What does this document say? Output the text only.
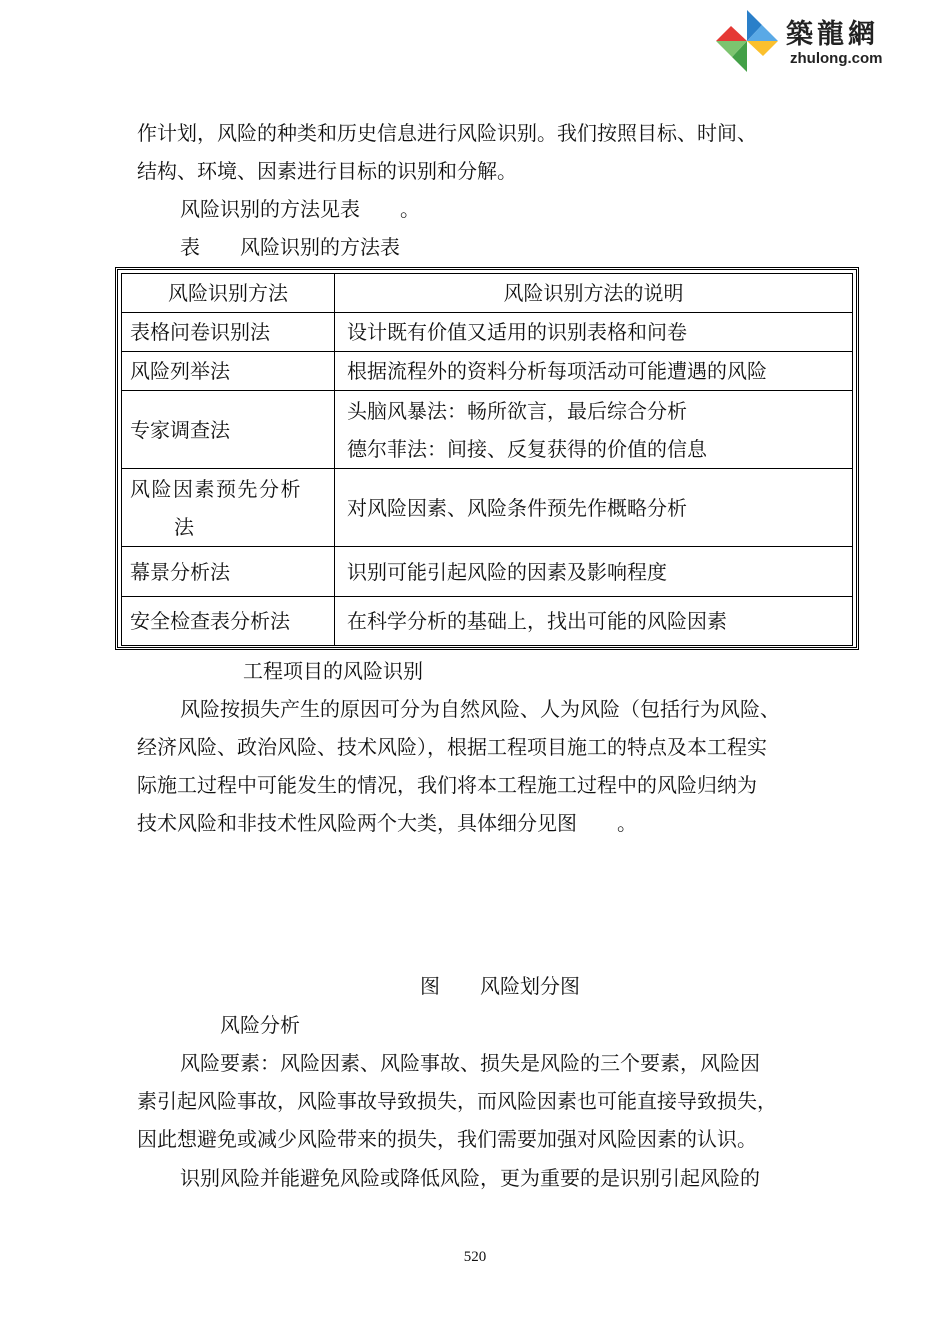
築龍網
zhulong.com
作计划，风险的种类和历史信息进行风险识别。我们按照目标、时间、
结构、环境、因素进行目标的识别和分解。
风险识别的方法见表　　。
表　　风险识别的方法表
风险识别方法	风险识别方法的说明
表格问卷识别法	设计既有价值又适用的识别表格和问卷
风险列举法	根据流程外的资料分析每项活动可能遭遇的风险
专家调查法	头脑风暴法：畅所欲言，最后综合分析
德尔菲法：间接、反复获得的价值的信息

风险因素预先分析
法	对风险因素、风险条件预先作概略分析
幕景分析法	识别可能引起风险的因素及影响程度
安全检查表分析法	在科学分析的基础上，找出可能的风险因素
工程项目的风险识别
风险按损失产生的原因可分为自然风险、人为风险（包括行为风险、
经济风险、政治风险、技术风险），根据工程项目施工的特点及本工程实
际施工过程中可能发生的情况，我们将本工程施工过程中的风险归纳为
技术风险和非技术性风险两个大类，具体细分见图　　。
图　　风险划分图
风险分析
风险要素：风险因素、风险事故、损失是风险的三个要素，风险因
素引起风险事故，风险事故导致损失，而风险因素也可能直接导致损失，
因此想避免或减少风险带来的损失，我们需要加强对风险因素的认识。
识别风险并能避免风险或降低风险，更为重要的是识别引起风险的
520
